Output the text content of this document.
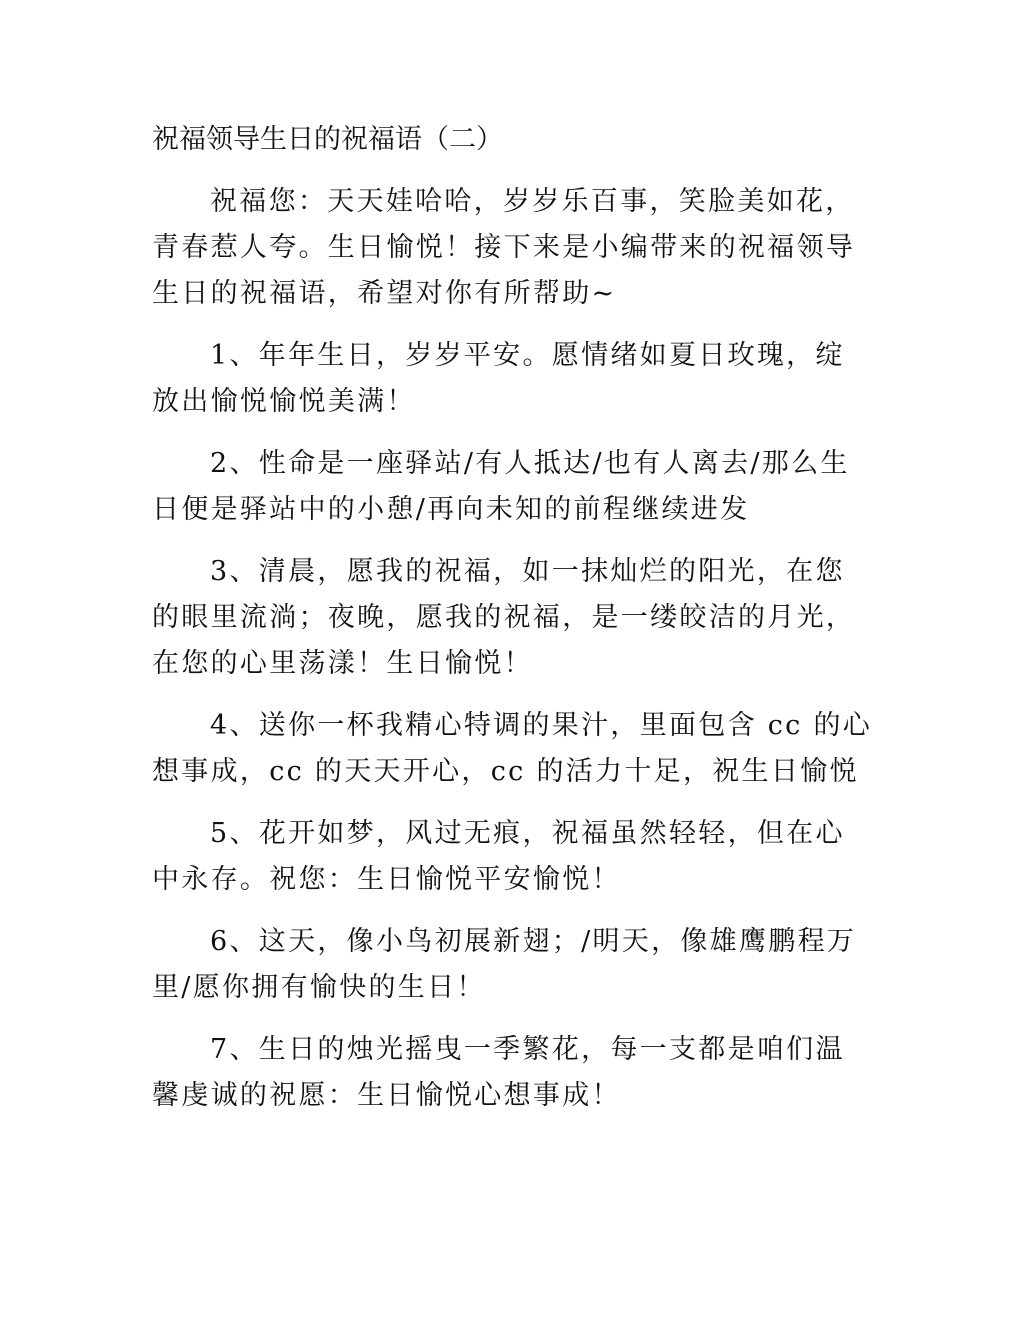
祝福领导生日的祝福语（二）
祝福您：天天娃哈哈，岁岁乐百事，笑脸美如花，
青春惹人夸。生日愉悦！接下来是小编带来的祝福领导
生日的祝福语，希望对你有所帮助~
1、年年生日，岁岁平安。愿情绪如夏日玫瑰，绽
放出愉悦愉悦美满！
2、性命是一座驿站/有人抵达/也有人离去/那么生
日便是驿站中的小憩/再向未知的前程继续进发
3、清晨，愿我的祝福，如一抹灿烂的阳光，在您
的眼里流淌；夜晚，愿我的祝福，是一缕皎洁的月光，
在您的心里荡漾！生日愉悦！
4、送你一杯我精心特调的果汁，里面包含 cc 的心
想事成，cc 的天天开心，cc 的活力十足，祝生日愉悦
5、花开如梦，风过无痕，祝福虽然轻轻，但在心
中永存。祝您：生日愉悦平安愉悦！
6、这天，像小鸟初展新翅；/明天，像雄鹰鹏程万
里/愿你拥有愉快的生日！
7、生日的烛光摇曳一季繁花，每一支都是咱们温
馨虔诚的祝愿：生日愉悦心想事成！
